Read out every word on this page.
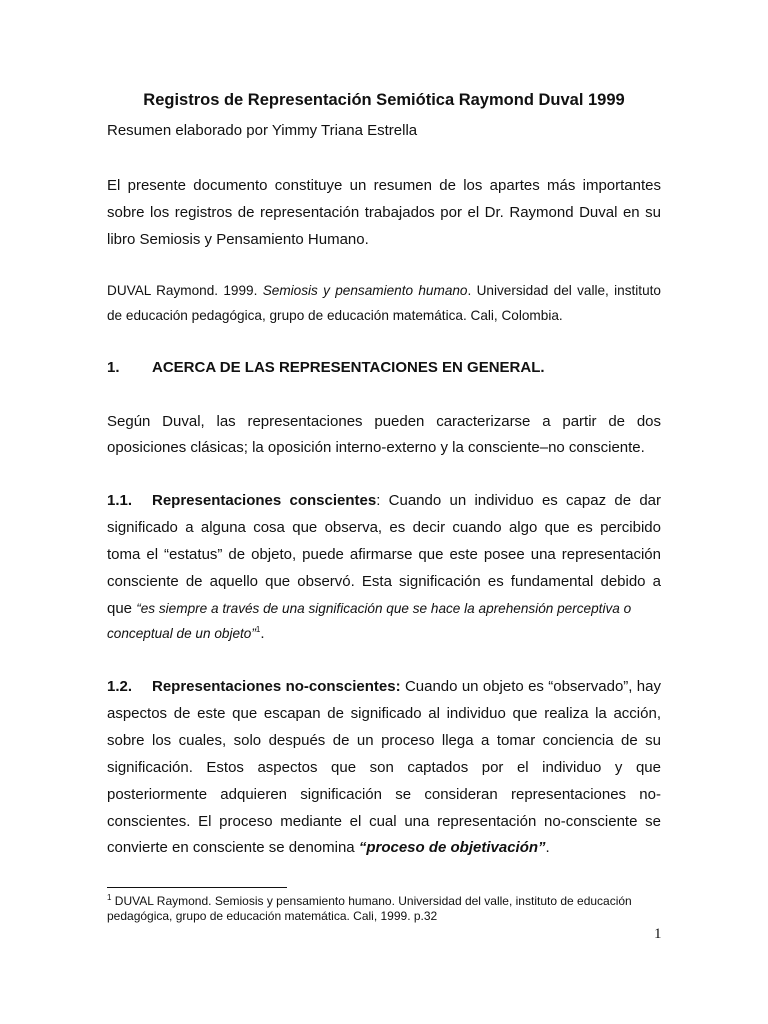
Registros de Representación Semiótica Raymond Duval 1999
Resumen elaborado por Yimmy Triana Estrella
El presente documento constituye un resumen de los apartes más importantes
sobre los registros de representación trabajados por el Dr. Raymond Duval en su
libro Semiosis y Pensamiento Humano.
DUVAL Raymond. 1999. Semiosis y pensamiento humano. Universidad del valle, instituto
de educación pedagógica, grupo de educación matemática. Cali, Colombia.
1. ACERCA DE LAS REPRESENTACIONES EN GENERAL.
Según Duval, las representaciones pueden caracterizarse a partir de dos
oposiciones clásicas; la oposición interno-externo y la consciente–no consciente.
1.1. Representaciones conscientes: Cuando un individuo es capaz de dar
significado a alguna cosa que observa, es decir cuando algo que es percibido
toma el “estatus” de objeto, puede afirmarse que este posee una representación
consciente de aquello que observó. Esta significación es fundamental debido a
que “es siempre a través de una significación que se hace la aprehensión perceptiva o
conceptual de un objeto”$^1$.
1.2. Representaciones no-conscientes: Cuando un objeto es “observado”, hay
aspectos de este que escapan de significado al individuo que realiza la acción,
sobre los cuales, solo después de un proceso llega a tomar conciencia de su
significación. Estos aspectos que son captados por el individuo y que
posteriormente adquieren significación se consideran representaciones no-
conscientes. El proceso mediante el cual una representación no-consciente se
convierte en consciente se denomina “proceso de objetivación”.
$^1$ DUVAL Raymond. Semiosis y pensamiento humano. Universidad del valle, instituto de educación
pedagógica, grupo de educación matemática. Cali, 1999. p.32
1
